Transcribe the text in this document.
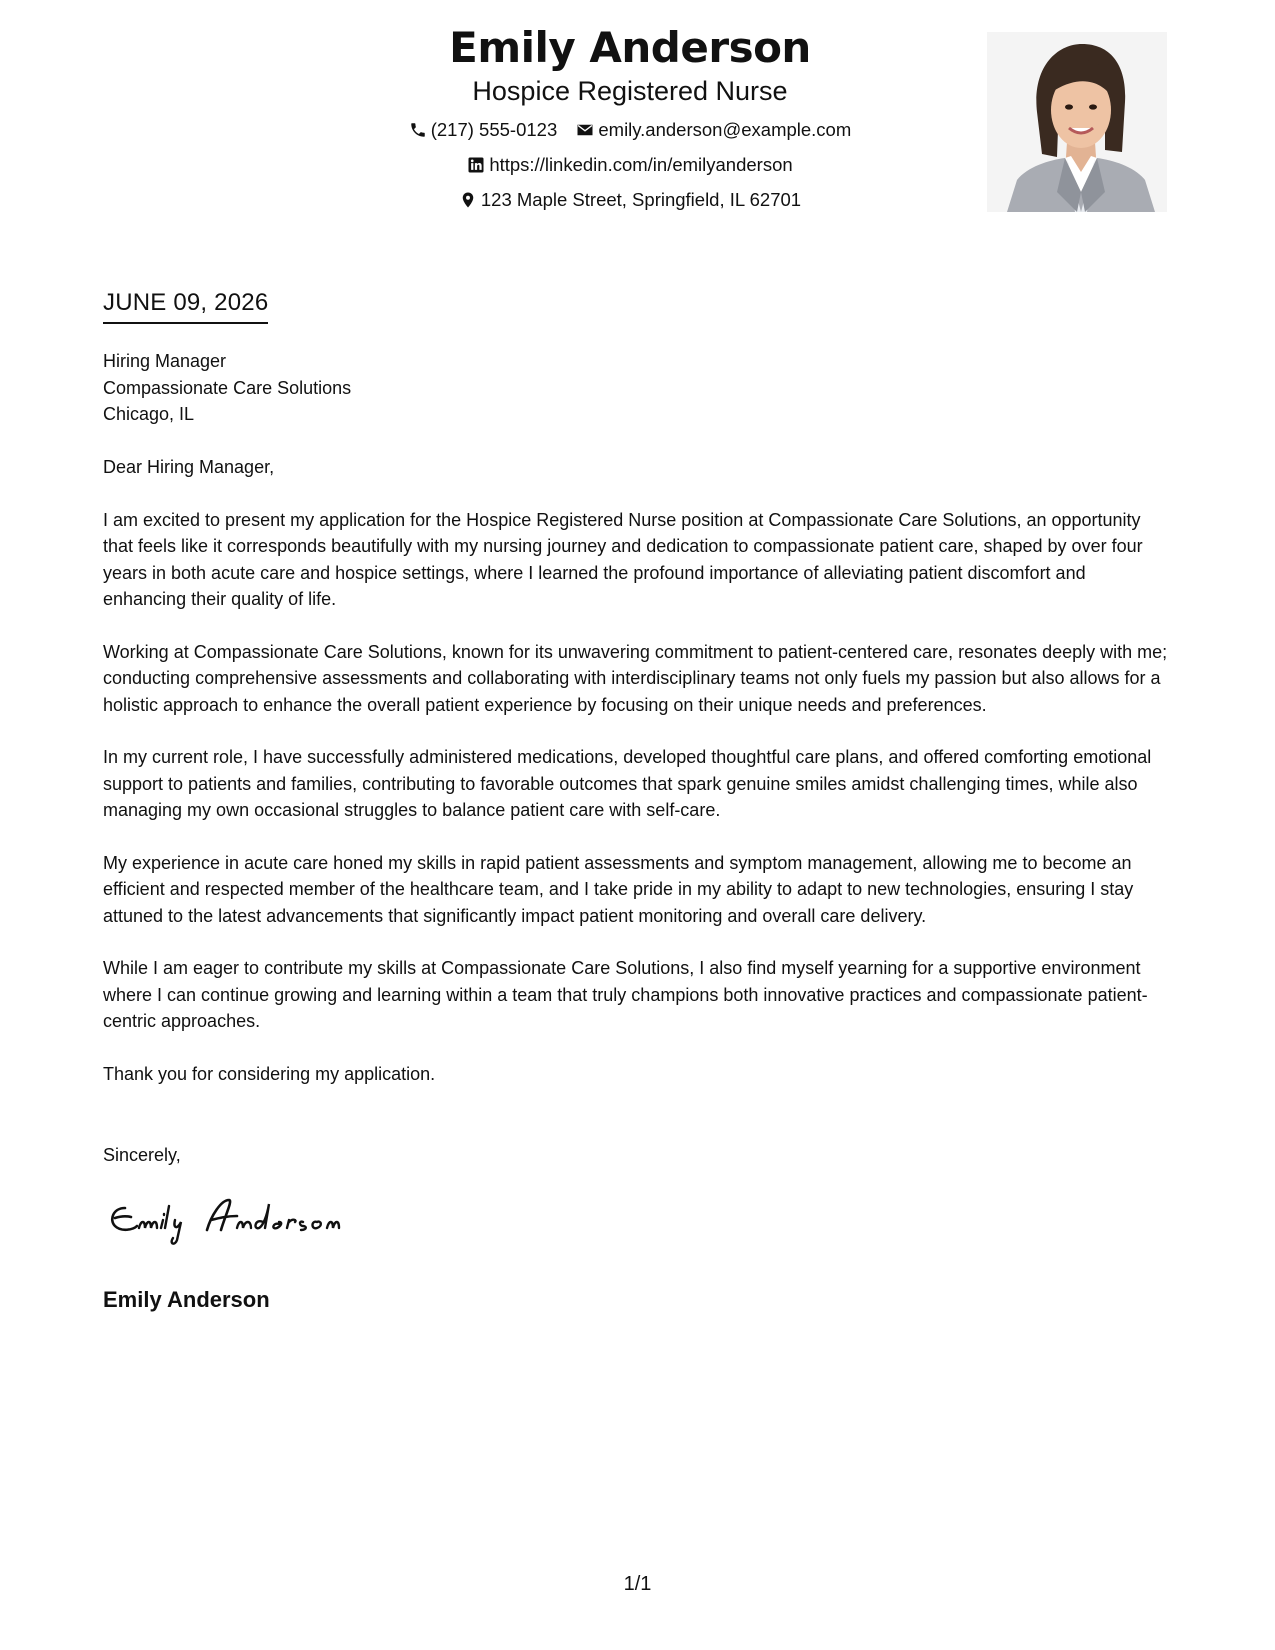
Emily Anderson
Hospice Registered Nurse
(217) 555-0123
emily.anderson@example.com
https://linkedin.com/in/emilyanderson
123 Maple Street, Springfield, IL 62701
JUNE 09, 2026
Hiring Manager
Compassionate Care Solutions
Chicago, IL

Dear Hiring Manager,

I am excited to present my application for the Hospice Registered Nurse position at Compassionate Care Solutions, an opportunity that feels like it corresponds beautifully with my nursing journey and dedication to compassionate patient care, shaped by over four years in both acute care and hospice settings, where I learned the profound importance of alleviating patient discomfort and enhancing their quality of life.

Working at Compassionate Care Solutions, known for its unwavering commitment to patient-centered care, resonates deeply with me; conducting comprehensive assessments and collaborating with interdisciplinary teams not only fuels my passion but also allows for a holistic approach to enhance the overall patient experience by focusing on their unique needs and preferences.

In my current role, I have successfully administered medications, developed thoughtful care plans, and offered comforting emotional support to patients and families, contributing to favorable outcomes that spark genuine smiles amidst challenging times, while also managing my own occasional struggles to balance patient care with self-care.

My experience in acute care honed my skills in rapid patient assessments and symptom management, allowing me to become an efficient and respected member of the healthcare team, and I take pride in my ability to adapt to new technologies, ensuring I stay attuned to the latest advancements that significantly impact patient monitoring and overall care delivery.

While I am eager to contribute my skills at Compassionate Care Solutions, I also find myself yearning for a supportive environment where I can continue growing and learning within a team that truly champions both innovative practices and compassionate patient-centric approaches.

Thank you for considering my application.

Sincerely,
Emily Anderson
1/1
